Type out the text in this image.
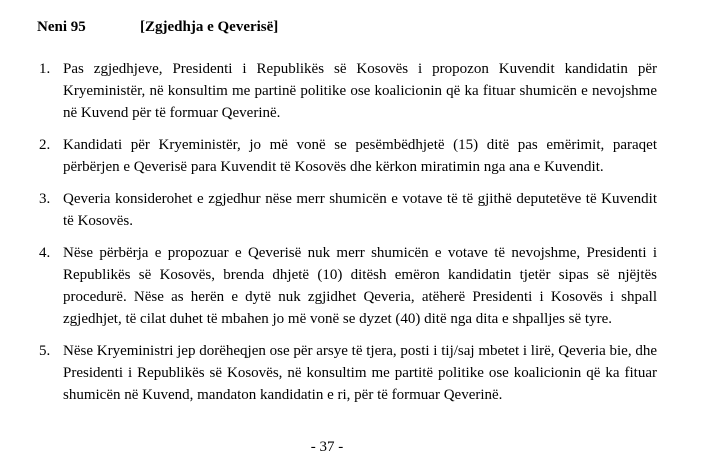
Neni 95	[Zgjedhja e Qeverisë]
1. Pas zgjedhjeve, Presidenti i Republikës së Kosovës i propozon Kuvendit kandidatin për Kryeministër, në konsultim me partinë politike ose koalicionin që ka fituar shumicën e nevojshme në Kuvend për të formuar Qeverinë.
2. Kandidati për Kryeministër, jo më vonë se pesëmbëdhjetë (15) ditë pas emërimit, paraqet përbërjen e Qeverisë para Kuvendit të Kosovës dhe kërkon miratimin nga ana e Kuvendit.
3. Qeveria konsiderohet e zgjedhur nëse merr shumicën e votave të të gjithë deputetëve të Kuvendit të Kosovës.
4. Nëse përbërja e propozuar e Qeverisë nuk merr shumicën e votave të nevojshme, Presidenti i Republikës së Kosovës, brenda dhjetë (10) ditësh emëron kandidatin tjetër sipas së njëjtës procedurë. Nëse as herën e dytë nuk zgjidhet Qeveria, atëherë Presidenti i Kosovës i shpall zgjedhjet, të cilat duhet të mbahen jo më vonë se dyzet (40) ditë nga dita e shpalljes së tyre.
5. Nëse Kryeministri jep dorëheqjen ose për arsye të tjera, posti i tij/saj mbetet i lirë, Qeveria bie, dhe Presidenti i Republikës së Kosovës, në konsultim me partitë politike ose koalicionin që ka fituar shumicën në Kuvend, mandaton kandidatin e ri, për të formuar Qeverinë.
- 37 -
